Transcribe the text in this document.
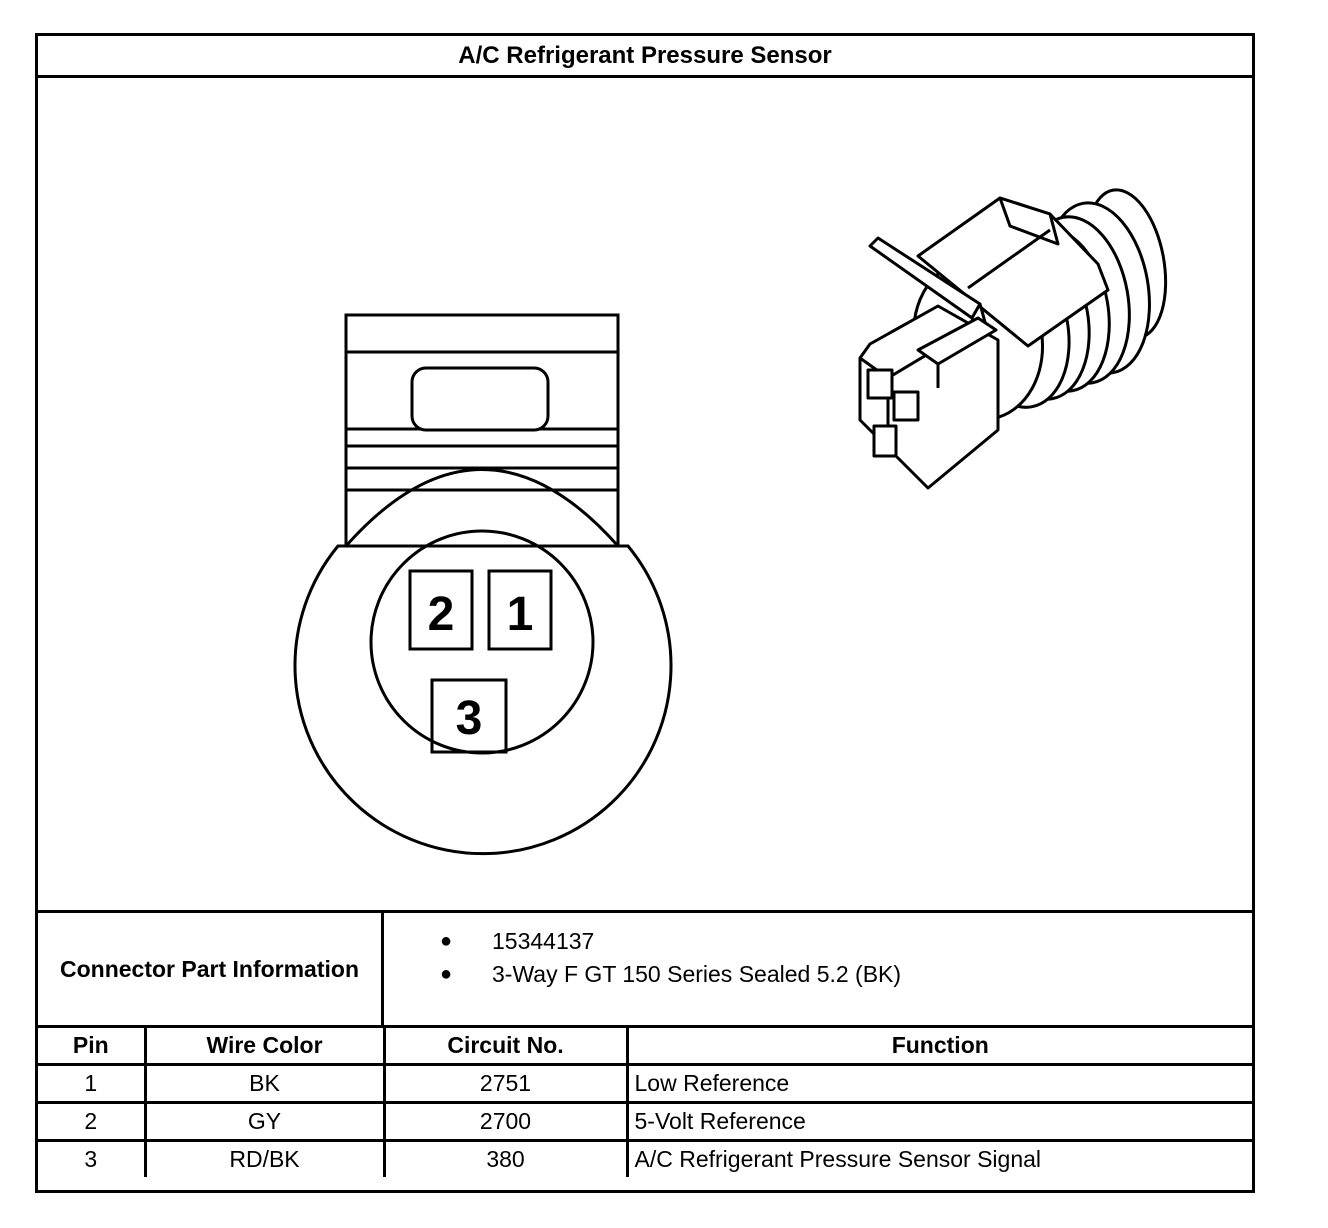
A/C Refrigerant Pressure Sensor
2 1
3
Connector Part Information
● 15344137
● 3-Way F GT 150 Series Sealed 5.2 (BK)
Pin	Wire Color	Circuit No.	Function
1	BK	2751	Low Reference
2	GY	2700	5-Volt Reference
3	RD/BK	380	A/C Refrigerant Pressure Sensor Signal
